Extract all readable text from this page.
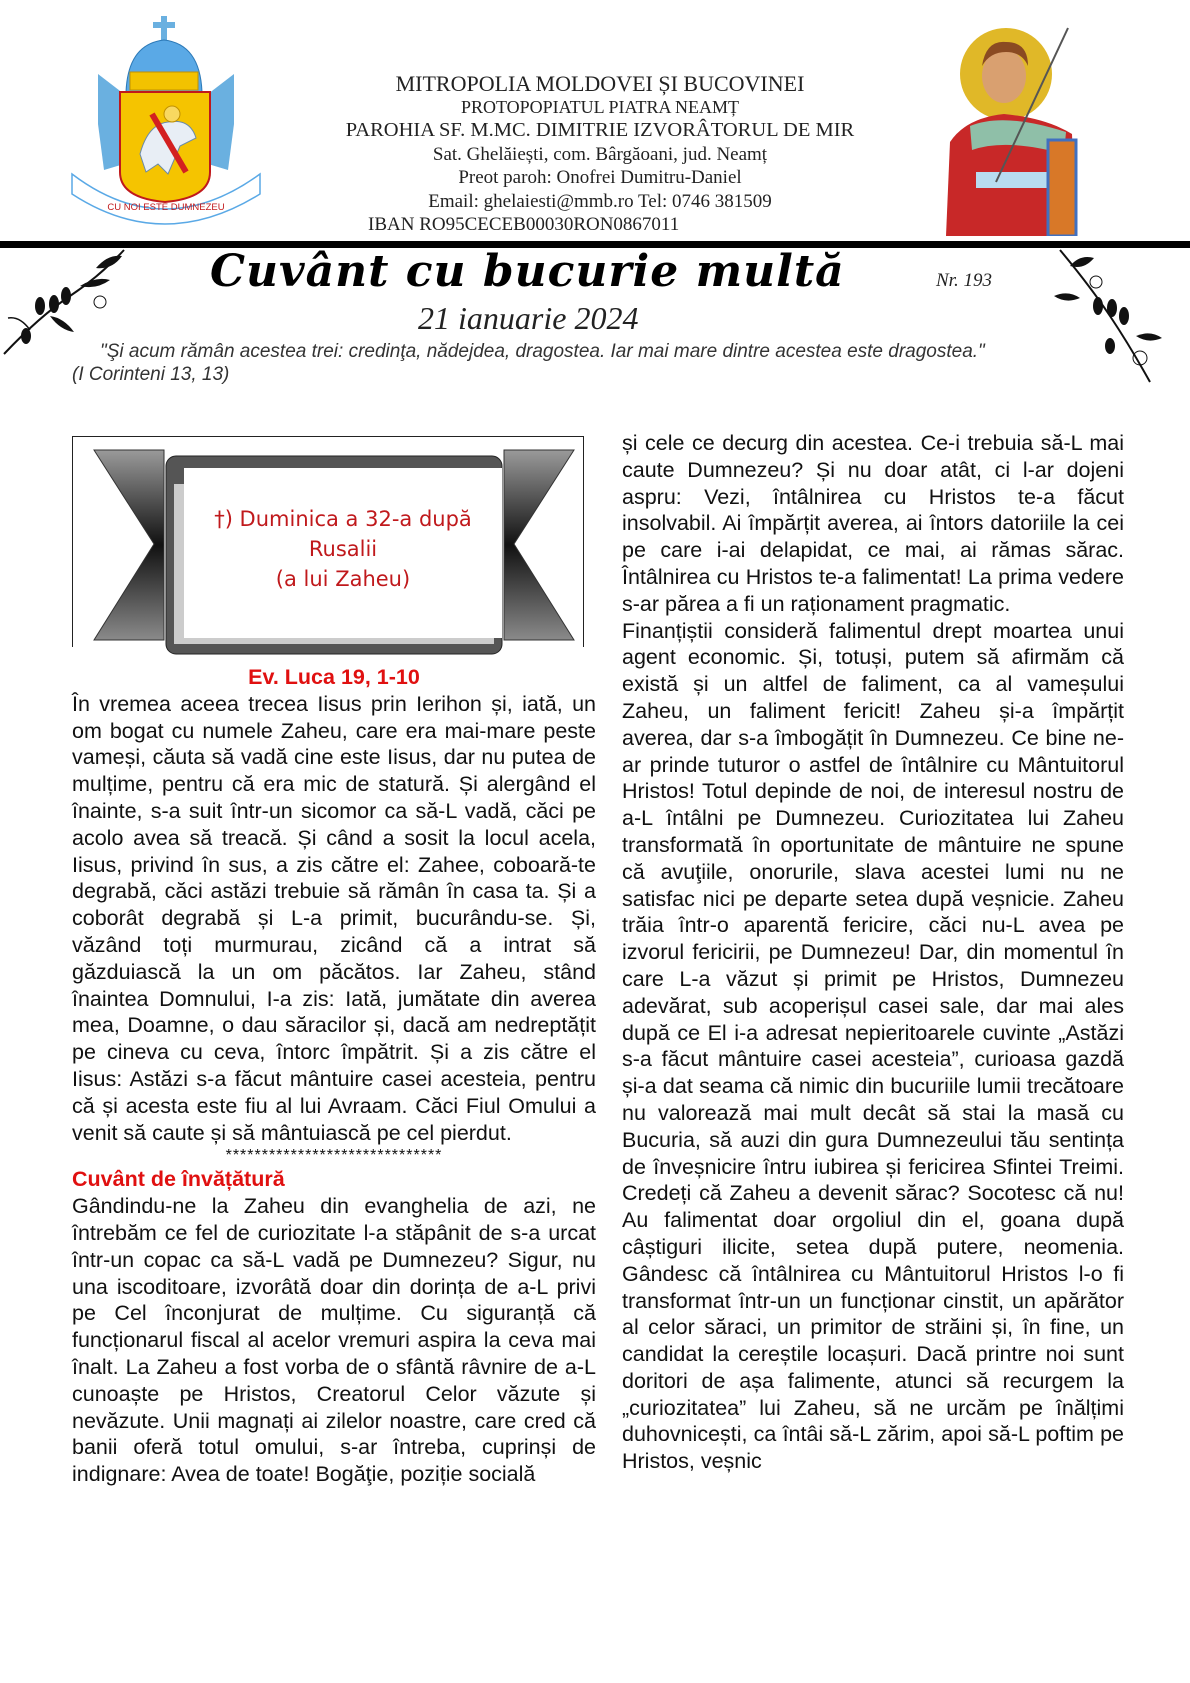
CU NOI ESTE DUMNEZEU
MITROPOLIA MOLDOVEI ȘI BUCOVINEI
PROTOPOPIATUL PIATRA NEAMȚ
PAROHIA SF. M.MC. DIMITRIE IZVORÂTORUL DE MIR
Sat. Ghelăiești, com. Bârgăoani, jud. Neamț
Preot paroh: Onofrei Dumitru-Daniel
Email: ghelaiesti@mmb.ro Tel: 0746 381509
IBAN RO95CECEB00030RON0867011
Cuvânt cu bucurie multă	Nr. 193
21 ianuarie 2024
"Şi acum rămân acestea trei: credinţa, nădejdea, dragostea. Iar mai mare dintre acestea este dragostea." (I Corinteni 13, 13)
†) Duminica a 32-a după
Rusalii
(a lui Zaheu)
Ev. Luca 19, 1-10

În vremea aceea trecea Iisus prin Ierihon și, iată, un om bogat cu numele Zaheu, care era mai-mare peste vameși, căuta să vadă cine este Iisus, dar nu putea de mulțime, pentru că era mic de statură. Și alergând el înainte, s-a suit într-un sicomor ca să-L vadă, căci pe acolo avea să treacă. Și când a sosit la locul acela, Iisus, privind în sus, a zis către el: Zahee, coboară-te degrabă, căci astăzi trebuie să rămân în casa ta. Și a coborât degrabă și L-a primit, bucurându-se. Și, văzând toți murmurau, zicând că a intrat să găzduiască la un om păcătos. Iar Zaheu, stând înaintea Domnului, I-a zis: Iată, jumătate din averea mea, Doamne, o dau săracilor și, dacă am nedreptățit pe cineva cu ceva, întorc împătrit. Și a zis către el Iisus: Astăzi s-a făcut mântuire casei acesteia, pentru că și acesta este fiu al lui Avraam. Căci Fiul Omului a venit să caute și să mântuiască pe cel pierdut.

******************************
Cuvânt de învățătură

Gândindu-ne la Zaheu din evanghelia de azi, ne întrebăm ce fel de curiozitate l-a stăpânit de s-a urcat într-un copac ca să-L vadă pe Dumnezeu? Sigur, nu una iscoditoare, izvorâtă doar din dorința de a-L privi pe Cel înconjurat de mulțime. Cu siguranță că funcționarul fiscal al acelor vremuri aspira la ceva mai înalt. La Zaheu a fost vorba de o sfântă râvnire de a-L cunoaște pe Hristos, Creatorul Celor văzute și nevăzute. Unii magnați ai zilelor noastre, care cred că banii oferă totul omului, s-ar întreba, cuprinși de indignare: Avea de toate! Bogăţie, poziție socială

și cele ce decurg din acestea. Ce-i trebuia să-L mai caute Dumnezeu? Și nu doar atât, ci l-ar dojeni aspru: Vezi, întâlnirea cu Hristos te-a făcut insolvabil. Ai împărțit averea, ai întors datoriile la cei pe care i-ai delapidat, ce mai, ai rămas sărac. Întâlnirea cu Hristos te-a falimentat! La prima vedere s-ar părea a fi un raționament pragmatic.

Finanțiștii consideră falimentul drept moartea unui agent economic. Și, totuși, putem să afirmăm că există și un altfel de faliment, ca al vameșului Zaheu, un faliment fericit! Zaheu și-a împărțit averea, dar s-a îmbogățit în Dumnezeu. Ce bine ne-ar prinde tuturor o astfel de întâlnire cu Mântuitorul Hristos! Totul depinde de noi, de interesul nostru de a-L întâlni pe Dumnezeu. Curiozitatea lui Zaheu transformată în oportunitate de mântuire ne spune că avuţiile, onorurile, slava acestei lumi nu ne satisfac nici pe departe setea după veșnicie. Zaheu trăia într-o aparentă fericire, căci nu-L avea pe izvorul fericirii, pe Dumnezeu! Dar, din momentul în care L-a văzut și primit pe Hristos, Dumnezeu adevărat, sub acoperișul casei sale, dar mai ales după ce El i-a adresat nepieritoarele cuvinte „Astăzi s-a făcut mântuire casei acesteia”, curioasa gazdă și-a dat seama că nimic din bucuriile lumii trecătoare nu valorează mai mult decât să stai la masă cu Bucuria, să auzi din gura Dumnezeului tău sentința de înveșnicire întru iubirea și fericirea Sfintei Treimi. Credeți că Zaheu a devenit sărac? Socotesc că nu! Au falimentat doar orgoliul din el, goana după câștiguri ilicite, setea după putere, neomenia. Gândesc că întâlnirea cu Mântuitorul Hristos l-o fi transformat într-un un funcționar cinstit, un apărător al celor săraci, un primitor de străini și, în fine, un candidat la cereștile locașuri. Dacă printre noi sunt doritori de așa falimente, atunci să recurgem la „curiozitatea” lui Zaheu, să ne urcăm pe înălțimi duhovnicești, ca întâi să-L zărim, apoi să-L poftim pe Hristos, veșnic
